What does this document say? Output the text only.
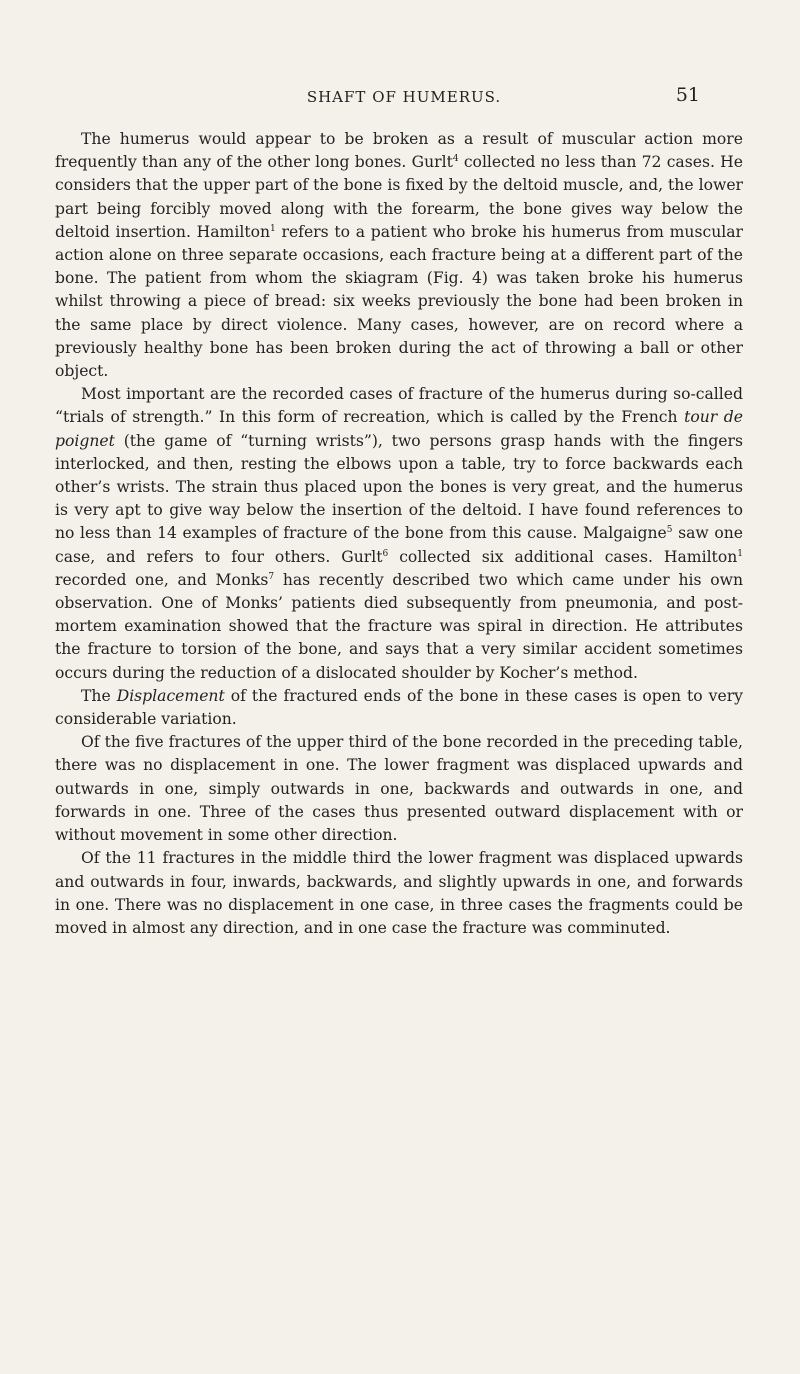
SHAFT OF HUMERUS.	51

The humerus would appear to be broken as a result of muscular action more frequently than any of the other long bones. Gurlt$^4$ collected no less than 72 cases. He considers that the upper part of the bone is fixed by the deltoid muscle, and, the lower part being forcibly moved along with the forearm, the bone gives way below the deltoid insertion. Hamilton$^1$ refers to a patient who broke his humerus from muscular action alone on three separate occasions, each fracture being at a different part of the bone. The patient from whom the skiagram (Fig. 4) was taken broke his humerus whilst throwing a piece of bread: six weeks previously the bone had been broken in the same place by direct violence. Many cases, however, are on record where a previously healthy bone has been broken during the act of throwing a ball or other object.

Most important are the recorded cases of fracture of the humerus during so-called “trials of strength.” In this form of recreation, which is called by the French tour de poignet (the game of “turning wrists”), two persons grasp hands with the fingers interlocked, and then, resting the elbows upon a table, try to force backwards each other’s wrists. The strain thus placed upon the bones is very great, and the humerus is very apt to give way below the insertion of the deltoid. I have found references to no less than 14 examples of fracture of the bone from this cause. Malgaigne$^5$ saw one case, and refers to four others. Gurlt$^6$ collected six additional cases. Hamilton$^1$ recorded one, and Monks$^7$ has recently described two which came under his own observation. One of Monks’ patients died subsequently from pneumonia, and post-mortem examination showed that the fracture was spiral in direction. He attributes the fracture to torsion of the bone, and says that a very similar accident sometimes occurs during the reduction of a dislocated shoulder by Kocher’s method.

The Displacement of the fractured ends of the bone in these cases is open to very considerable variation.

Of the five fractures of the upper third of the bone recorded in the preceding table, there was no displacement in one. The lower fragment was displaced upwards and outwards in one, simply outwards in one, backwards and outwards in one, and forwards in one. Three of the cases thus presented outward displacement with or without movement in some other direction.

Of the 11 fractures in the middle third the lower fragment was displaced upwards and outwards in four, inwards, backwards, and slightly upwards in one, and forwards in one. There was no displacement in one case, in three cases the fragments could be moved in almost any direction, and in one case the fracture was comminuted.
